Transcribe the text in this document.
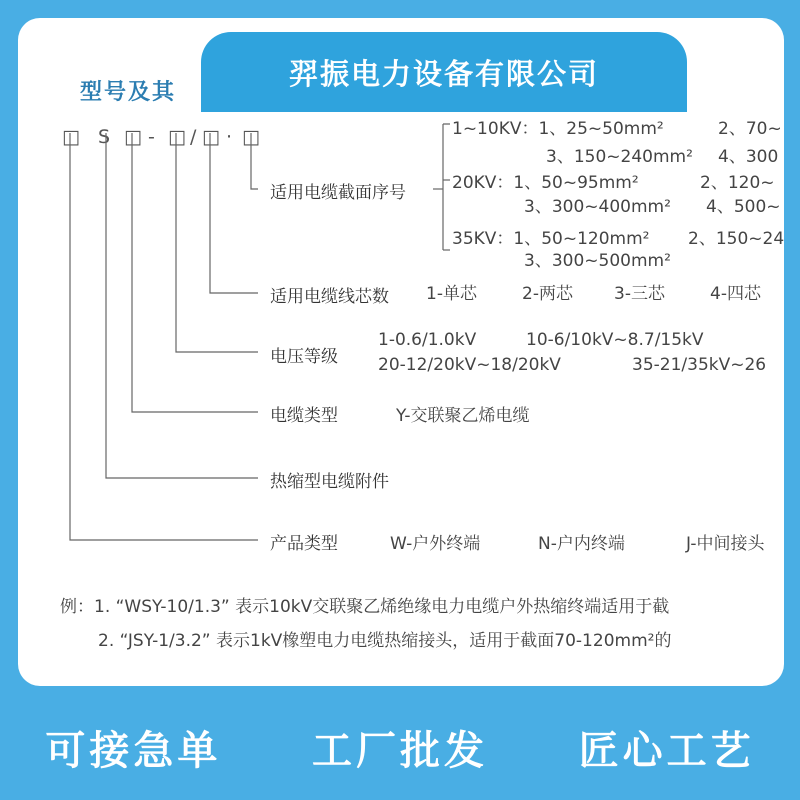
型号及其
羿振电力设备有限公司
□ S □ - □ / □ · □
适用电缆截面序号
1~10KV：1、25~50mm²	2、70~
3、150~240mm² 4、300
20KV：1、50~95mm²	2、120~
3、300~400mm² 4、500~
35KV：1、50~120mm² 2、150~24
3、300~500mm²
适用电缆线芯数 1-单芯	2-两芯 3-三芯	4-四芯
电压等级
1-0.6/1.0kV	10-6/10kV~8.7/15kV
20-12/20kV~18/20kV	35-21/35kV~26
电缆类型	Y-交联聚乙烯电缆
热缩型电缆附件
产品类型	W-户外终端	N-户内终端	J-中间接头
例：1. “WSY-10/1.3” 表示10kV交联聚乙烯绝缘电力电缆户外热缩终端适用于截
2. “JSY-1/3.2” 表示1kV橡塑电力电缆热缩接头，适用于截面70-120mm²的
可接急单 工厂批发 匠心工艺
